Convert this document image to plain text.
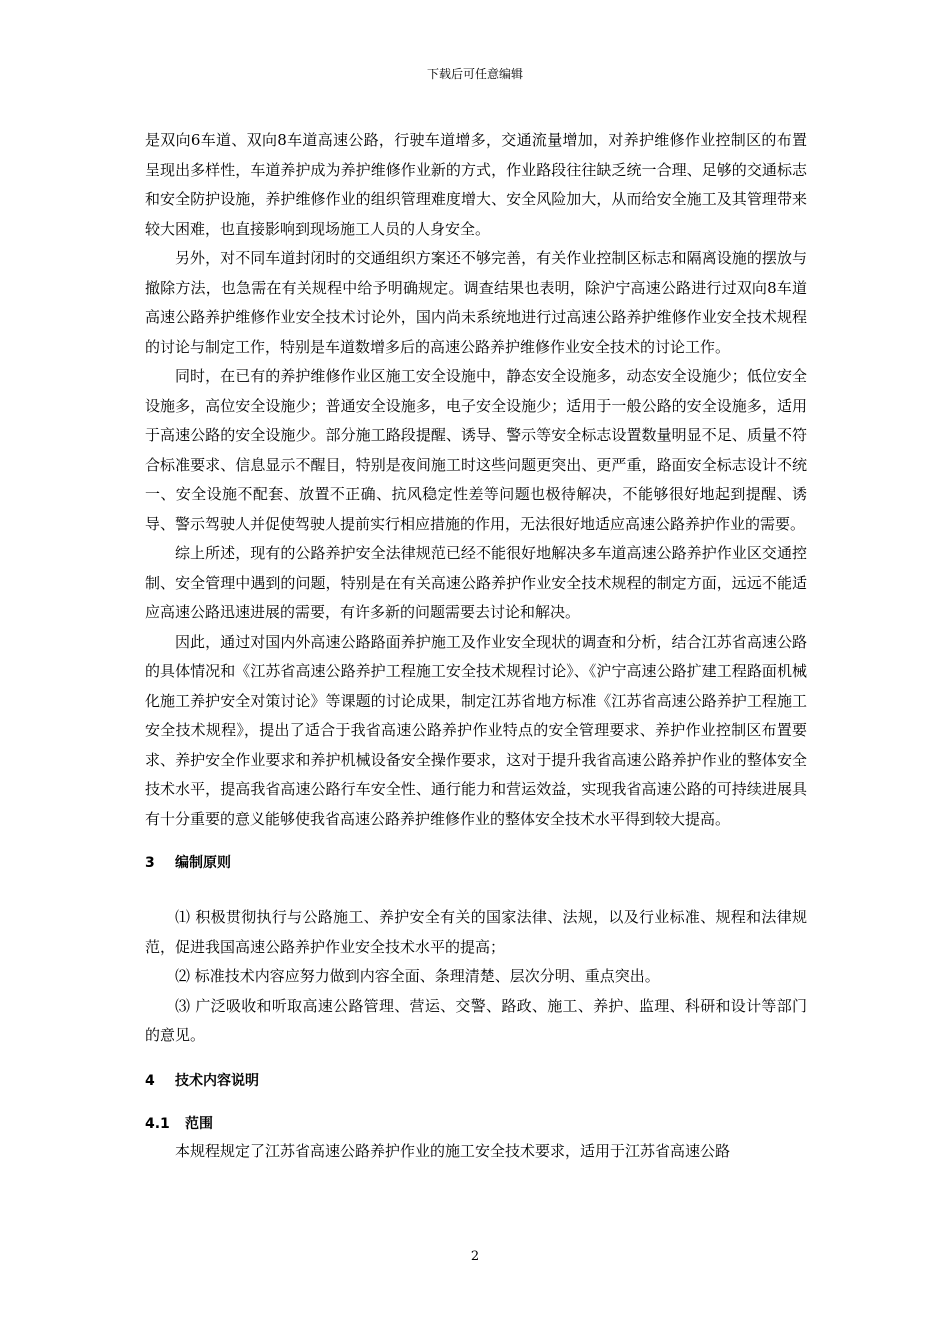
下载后可任意编辑

是双向6车道、双向8车道高速公路，行驶车道增多，交通流量增加，对养护维修作业控制区的布置呈现出多样性，车道养护成为养护维修作业新的方式，作业路段往往缺乏统一合理、足够的交通标志和安全防护设施，养护维修作业的组织管理难度增大、安全风险加大，从而给安全施工及其管理带来较大困难，也直接影响到现场施工人员的人身安全。

另外，对不同车道封闭时的交通组织方案还不够完善，有关作业控制区标志和隔离设施的摆放与撤除方法，也急需在有关规程中给予明确规定。调查结果也表明，除沪宁高速公路进行过双向8车道高速公路养护维修作业安全技术讨论外，国内尚未系统地进行过高速公路养护维修作业安全技术规程的讨论与制定工作，特别是车道数增多后的高速公路养护维修作业安全技术的讨论工作。

同时，在已有的养护维修作业区施工安全设施中，静态安全设施多，动态安全设施少；低位安全设施多，高位安全设施少；普通安全设施多，电子安全设施少；适用于一般公路的安全设施多，适用于高速公路的安全设施少。部分施工路段提醒、诱导、警示等安全标志设置数量明显不足、质量不符合标准要求、信息显示不醒目，特别是夜间施工时这些问题更突出、更严重，路面安全标志设计不统一、安全设施不配套、放置不正确、抗风稳定性差等问题也极待解决，不能够很好地起到提醒、诱导、警示驾驶人并促使驾驶人提前实行相应措施的作用，无法很好地适应高速公路养护作业的需要。

综上所述，现有的公路养护安全法律规范已经不能很好地解决多车道高速公路养护作业区交通控制、安全管理中遇到的问题，特别是在有关高速公路养护作业安全技术规程的制定方面，远远不能适应高速公路迅速进展的需要，有许多新的问题需要去讨论和解决。

因此，通过对国内外高速公路路面养护施工及作业安全现状的调查和分析，结合江苏省高速公路的具体情况和《江苏省高速公路养护工程施工安全技术规程讨论》、《沪宁高速公路扩建工程路面机械化施工养护安全对策讨论》等课题的讨论成果，制定江苏省地方标准《江苏省高速公路养护工程施工安全技术规程》，提出了适合于我省高速公路养护作业特点的安全管理要求、养护作业控制区布置要求、养护安全作业要求和养护机械设备安全操作要求，这对于提升我省高速公路养护作业的整体安全技术水平，提高我省高速公路行车安全性、通行能力和营运效益，实现我省高速公路的可持续进展具有十分重要的意义能够使我省高速公路养护维修作业的整体安全技术水平得到较大提高。

3 编制原则

⑴ 积极贯彻执行与公路施工、养护安全有关的国家法律、法规，以及行业标准、规程和法律规范，促进我国高速公路养护作业安全技术水平的提高；

⑵ 标准技术内容应努力做到内容全面、条理清楚、层次分明、重点突出。

⑶ 广泛吸收和听取高速公路管理、营运、交警、路政、施工、养护、监理、科研和设计等部门的意见。

4 技术内容说明
4.1 范围

本规程规定了江苏省高速公路养护作业的施工安全技术要求，适用于江苏省高速公路

2
